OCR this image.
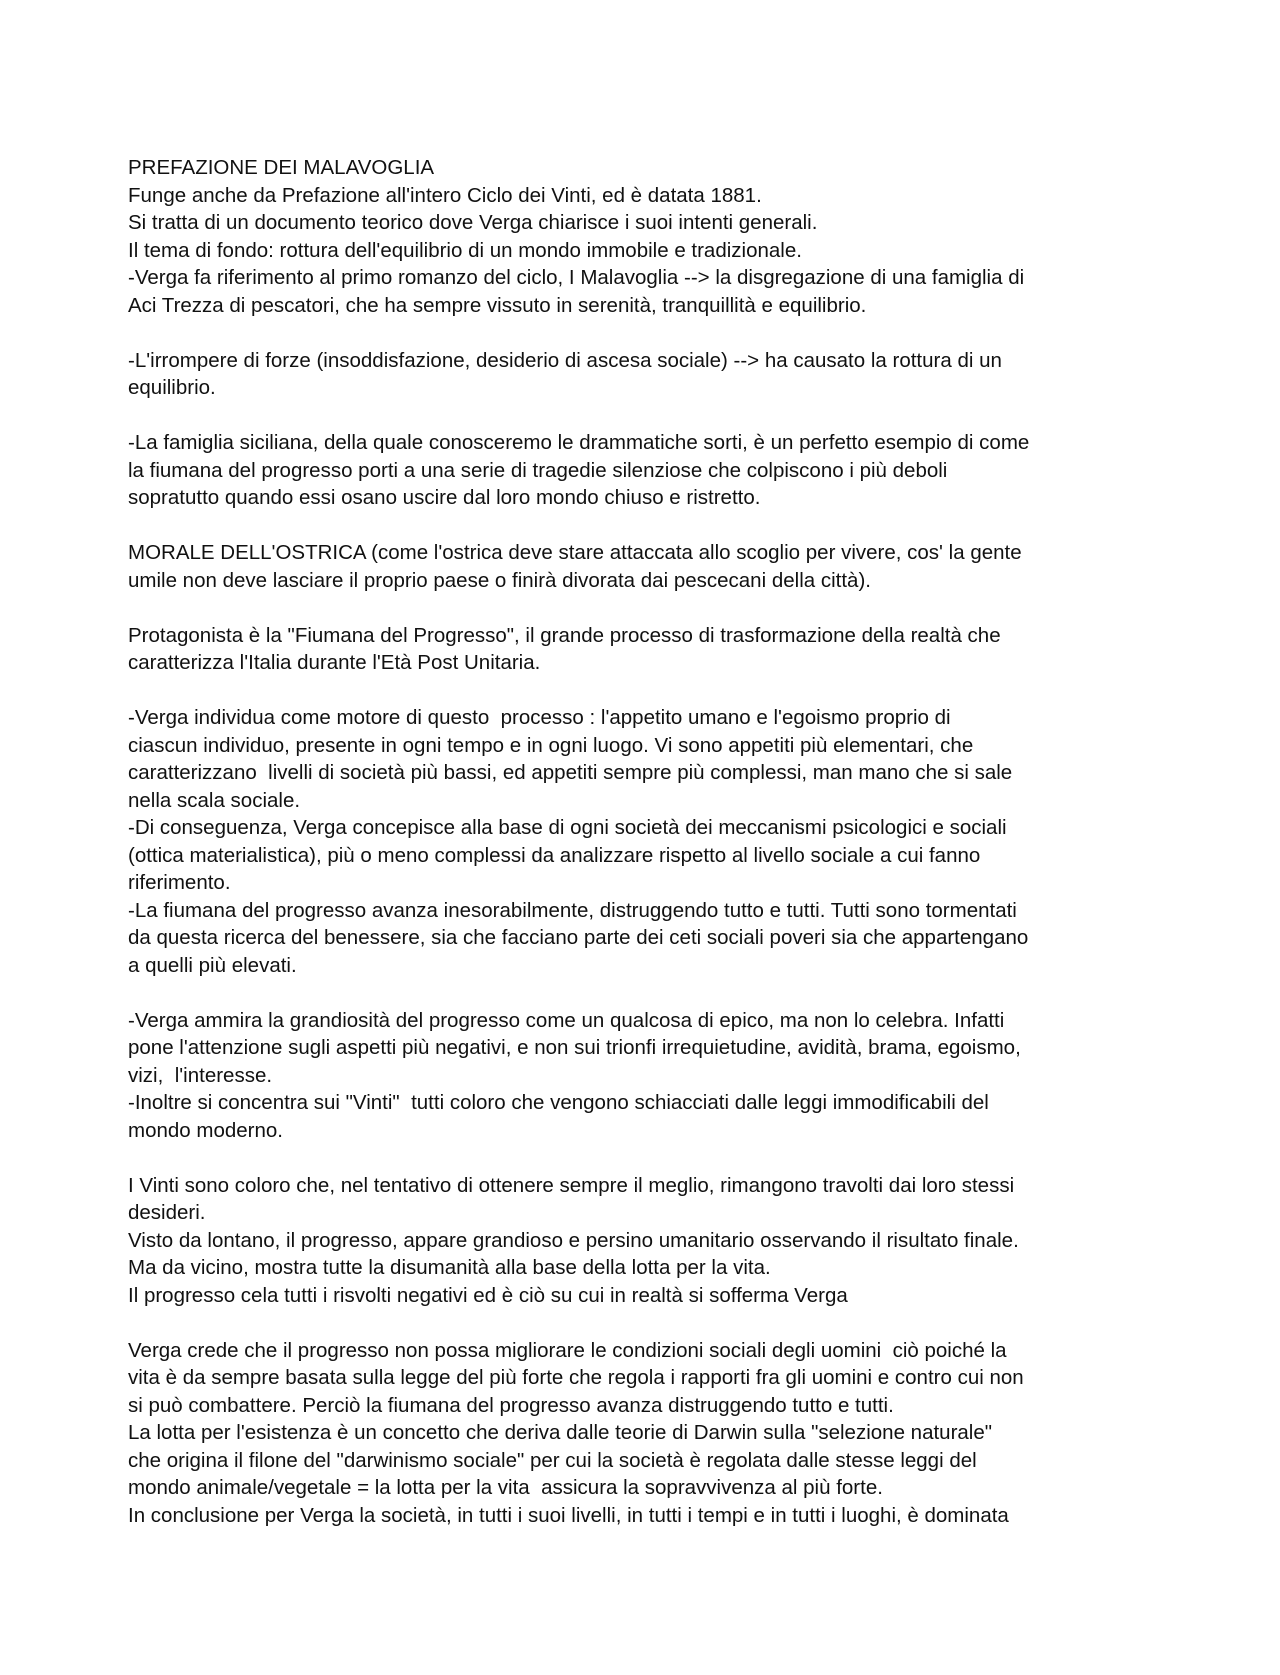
PREFAZIONE DEI MALAVOGLIA
Funge anche da Prefazione all'intero Ciclo dei Vinti, ed è datata 1881.
Si tratta di un documento teorico dove Verga chiarisce i suoi intenti generali.
Il tema di fondo: rottura dell'equilibrio di un mondo immobile e tradizionale.
-Verga fa riferimento al primo romanzo del ciclo, I Malavoglia --> la disgregazione di una famiglia di
Aci Trezza di pescatori, che ha sempre vissuto in serenità, tranquillità e equilibrio.
-L'irrompere di forze (insoddisfazione, desiderio di ascesa sociale) --> ha causato la rottura di un
equilibrio.
-La famiglia siciliana, della quale conosceremo le drammatiche sorti, è un perfetto esempio di come
la fiumana del progresso porti a una serie di tragedie silenziose che colpiscono i più deboli
sopratutto quando essi osano uscire dal loro mondo chiuso e ristretto.
MORALE DELL'OSTRICA (come l'ostrica deve stare attaccata allo scoglio per vivere, cos' la gente
umile non deve lasciare il proprio paese o finirà divorata dai pescecani della città).
Protagonista è la "Fiumana del Progresso", il grande processo di trasformazione della realtà che
caratterizza l'Italia durante l'Età Post Unitaria.
-Verga individua come motore di questo  processo : l'appetito umano e l'egoismo proprio di
ciascun individuo, presente in ogni tempo e in ogni luogo. Vi sono appetiti più elementari, che
caratterizzano  livelli di società più bassi, ed appetiti sempre più complessi, man mano che si sale
nella scala sociale.
-Di conseguenza, Verga concepisce alla base di ogni società dei meccanismi psicologici e sociali
(ottica materialistica), più o meno complessi da analizzare rispetto al livello sociale a cui fanno
riferimento.
-La fiumana del progresso avanza inesorabilmente, distruggendo tutto e tutti. Tutti sono tormentati
da questa ricerca del benessere, sia che facciano parte dei ceti sociali poveri sia che appartengano
a quelli più elevati.
-Verga ammira la grandiosità del progresso come un qualcosa di epico, ma non lo celebra. Infatti
pone l'attenzione sugli aspetti più negativi, e non sui trionfi irrequietudine, avidità, brama, egoismo,
vizi,  l'interesse.
-Inoltre si concentra sui "Vinti"  tutti coloro che vengono schiacciati dalle leggi immodificabili del
mondo moderno.
I Vinti sono coloro che, nel tentativo di ottenere sempre il meglio, rimangono travolti dai loro stessi
desideri.
Visto da lontano, il progresso, appare grandioso e persino umanitario osservando il risultato finale.
Ma da vicino, mostra tutte la disumanità alla base della lotta per la vita.
Il progresso cela tutti i risvolti negativi ed è ciò su cui in realtà si sofferma Verga
Verga crede che il progresso non possa migliorare le condizioni sociali degli uomini  ciò poiché la
vita è da sempre basata sulla legge del più forte che regola i rapporti fra gli uomini e contro cui non
si può combattere. Perciò la fiumana del progresso avanza distruggendo tutto e tutti.
La lotta per l'esistenza è un concetto che deriva dalle teorie di Darwin sulla "selezione naturale"
che origina il filone del "darwinismo sociale" per cui la società è regolata dalle stesse leggi del
mondo animale/vegetale = la lotta per la vita  assicura la sopravvivenza al più forte.
In conclusione per Verga la società, in tutti i suoi livelli, in tutti i tempi e in tutti i luoghi, è dominata
